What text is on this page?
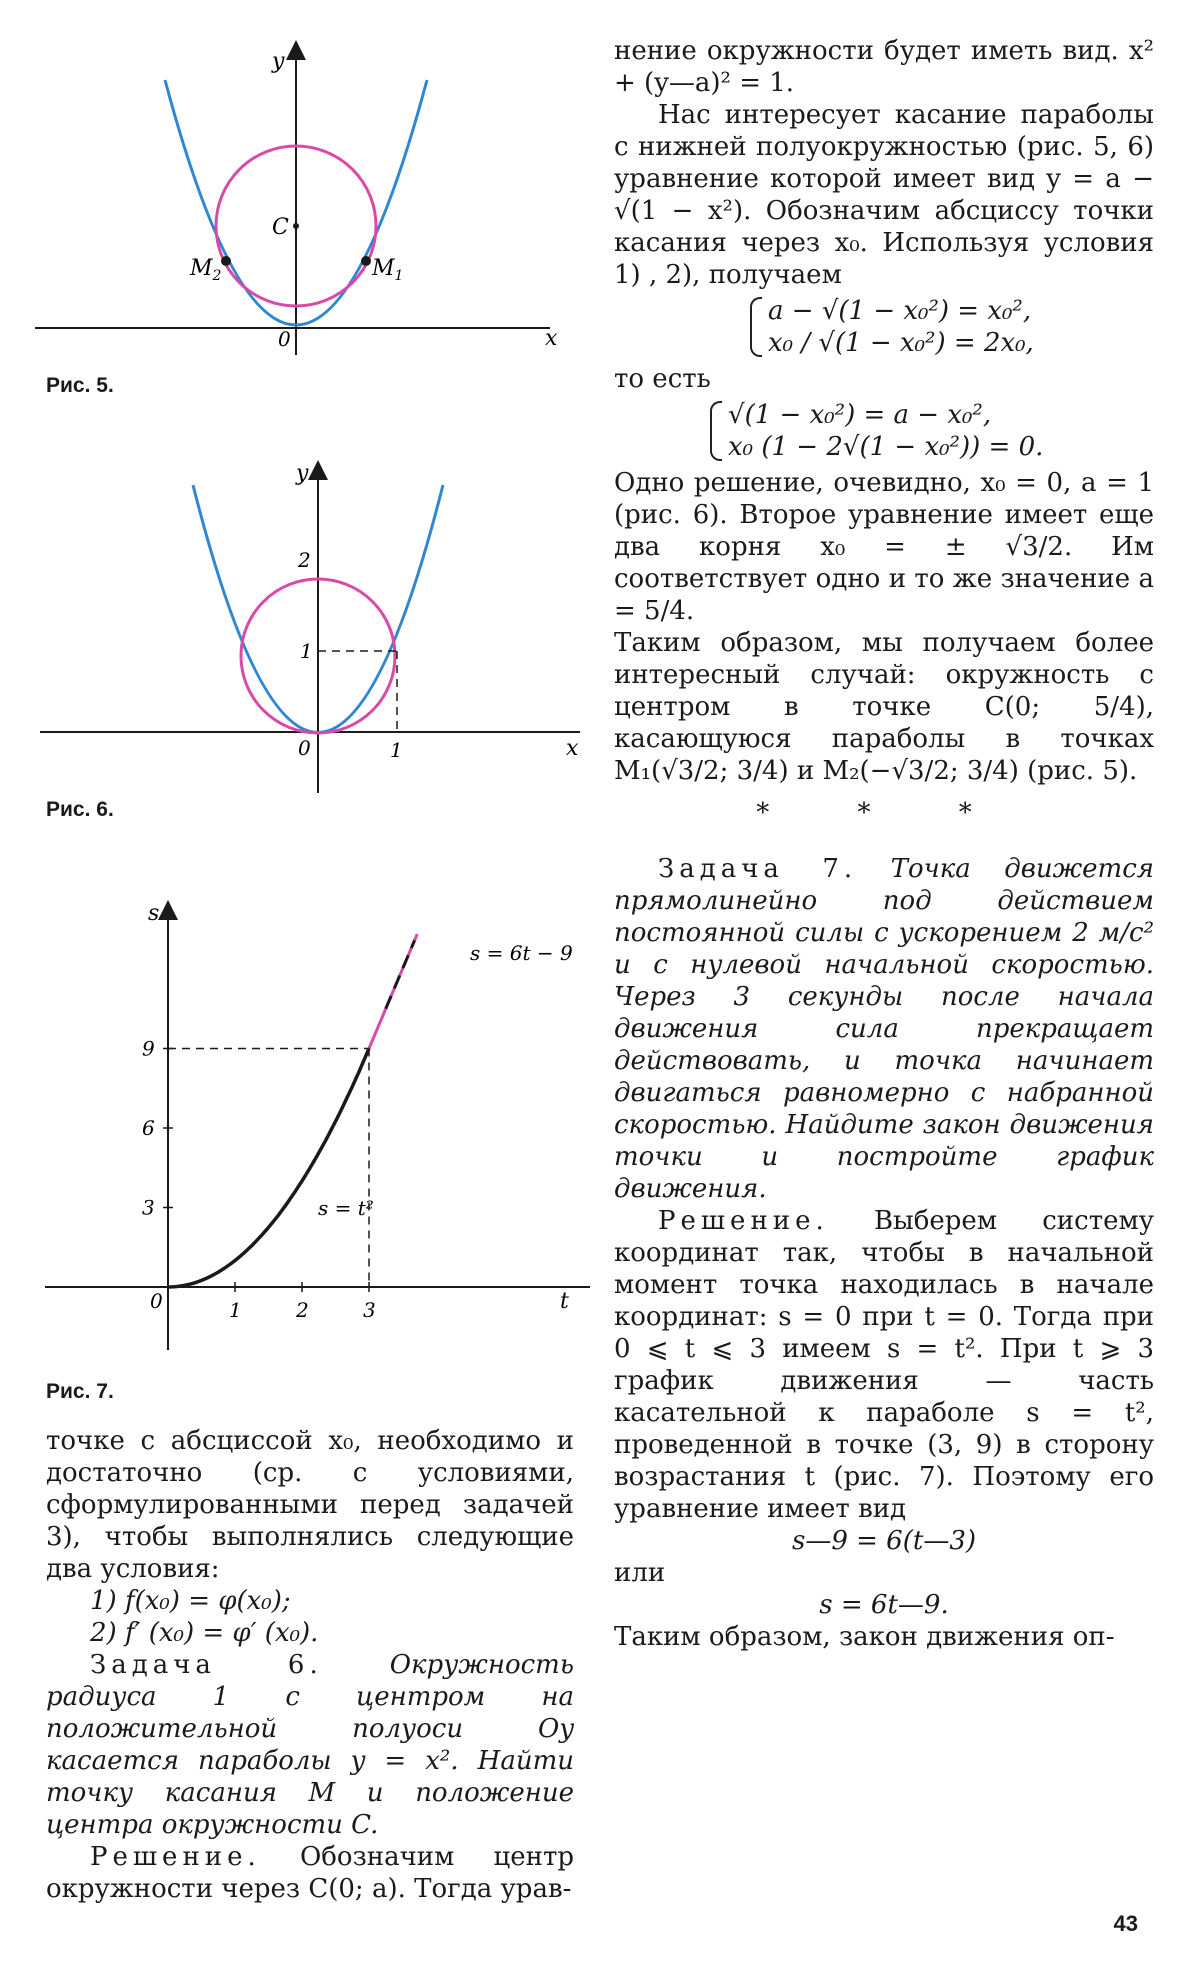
y
x
0
C
$M_1$
$M_2$
Рис. 5.
y
x
0
2
1
1
Рис. 6.
1	2	3
3
6
9
s
t
0
s = 6t − 9
s = t²
Рис. 7.

точке с абсциссой x₀, необходимо и достаточно (ср. с условиями, сформулированными перед задачей 3), чтобы выполнялись следующие два условия:

1) f(x₀) = φ(x₀);

2) f′ (x₀) = φ′ (x₀).

Задача 6. Окружность радиуса 1 с центром на положительной полуоси Oy касается параболы y = x². Найти точку касания M и положение центра окружности C.

Решение. Обозначим центр окружности через C(0; a). Тогда урав-

нение окружности будет иметь вид. x² + (y—a)² = 1.

Нас интересует касание параболы с нижней полуокружностью (рис. 5, 6) уравнение которой имеет вид y = a − √(1 − x²). Обозначим абсциссу точки касания через x₀. Используя условия 1) , 2), получаем

a − √(1 − x₀²) = x₀²,
x₀ / √(1 − x₀²) = 2x₀,

то есть

√(1 − x₀²) = a − x₀²,
x₀ (1 − 2√(1 − x₀²)) = 0.

Одно решение, очевидно, x₀ = 0, a = 1 (рис. 6). Второе уравнение имеет еще два корня x₀ = ± √3/2. Им соответствует одно и то же значение a = 5/4.

Таким образом, мы получаем более интересный случай: окружность с центром в точке C(0; 5/4), касающуюся параболы в точках M₁(√3/2; 3/4) и M₂(−√3/2; 3/4) (рис. 5).

* * *

Задача 7. Точка движется прямолинейно под действием постоянной силы с ускорением 2 м/с² и с нулевой начальной скоростью. Через 3 секунды после начала движения сила прекращает действовать, и точка начинает двигаться равномерно с набранной скоростью. Найдите закон движения точки и постройте график движения.

Решение. Выберем систему координат так, чтобы в начальной момент точка находилась в начале координат: s = 0 при t = 0. Тогда при 0 ⩽ t ⩽ 3 имеем s = t². При t ⩾ 3 график движения — часть касательной к параболе s = t², проведенной в точке (3, 9) в сторону возрастания t (рис. 7). Поэтому его уравнение имеет вид

s—9 = 6(t—3)

или

s = 6t—9.

Таким образом, закон движения оп-

43
